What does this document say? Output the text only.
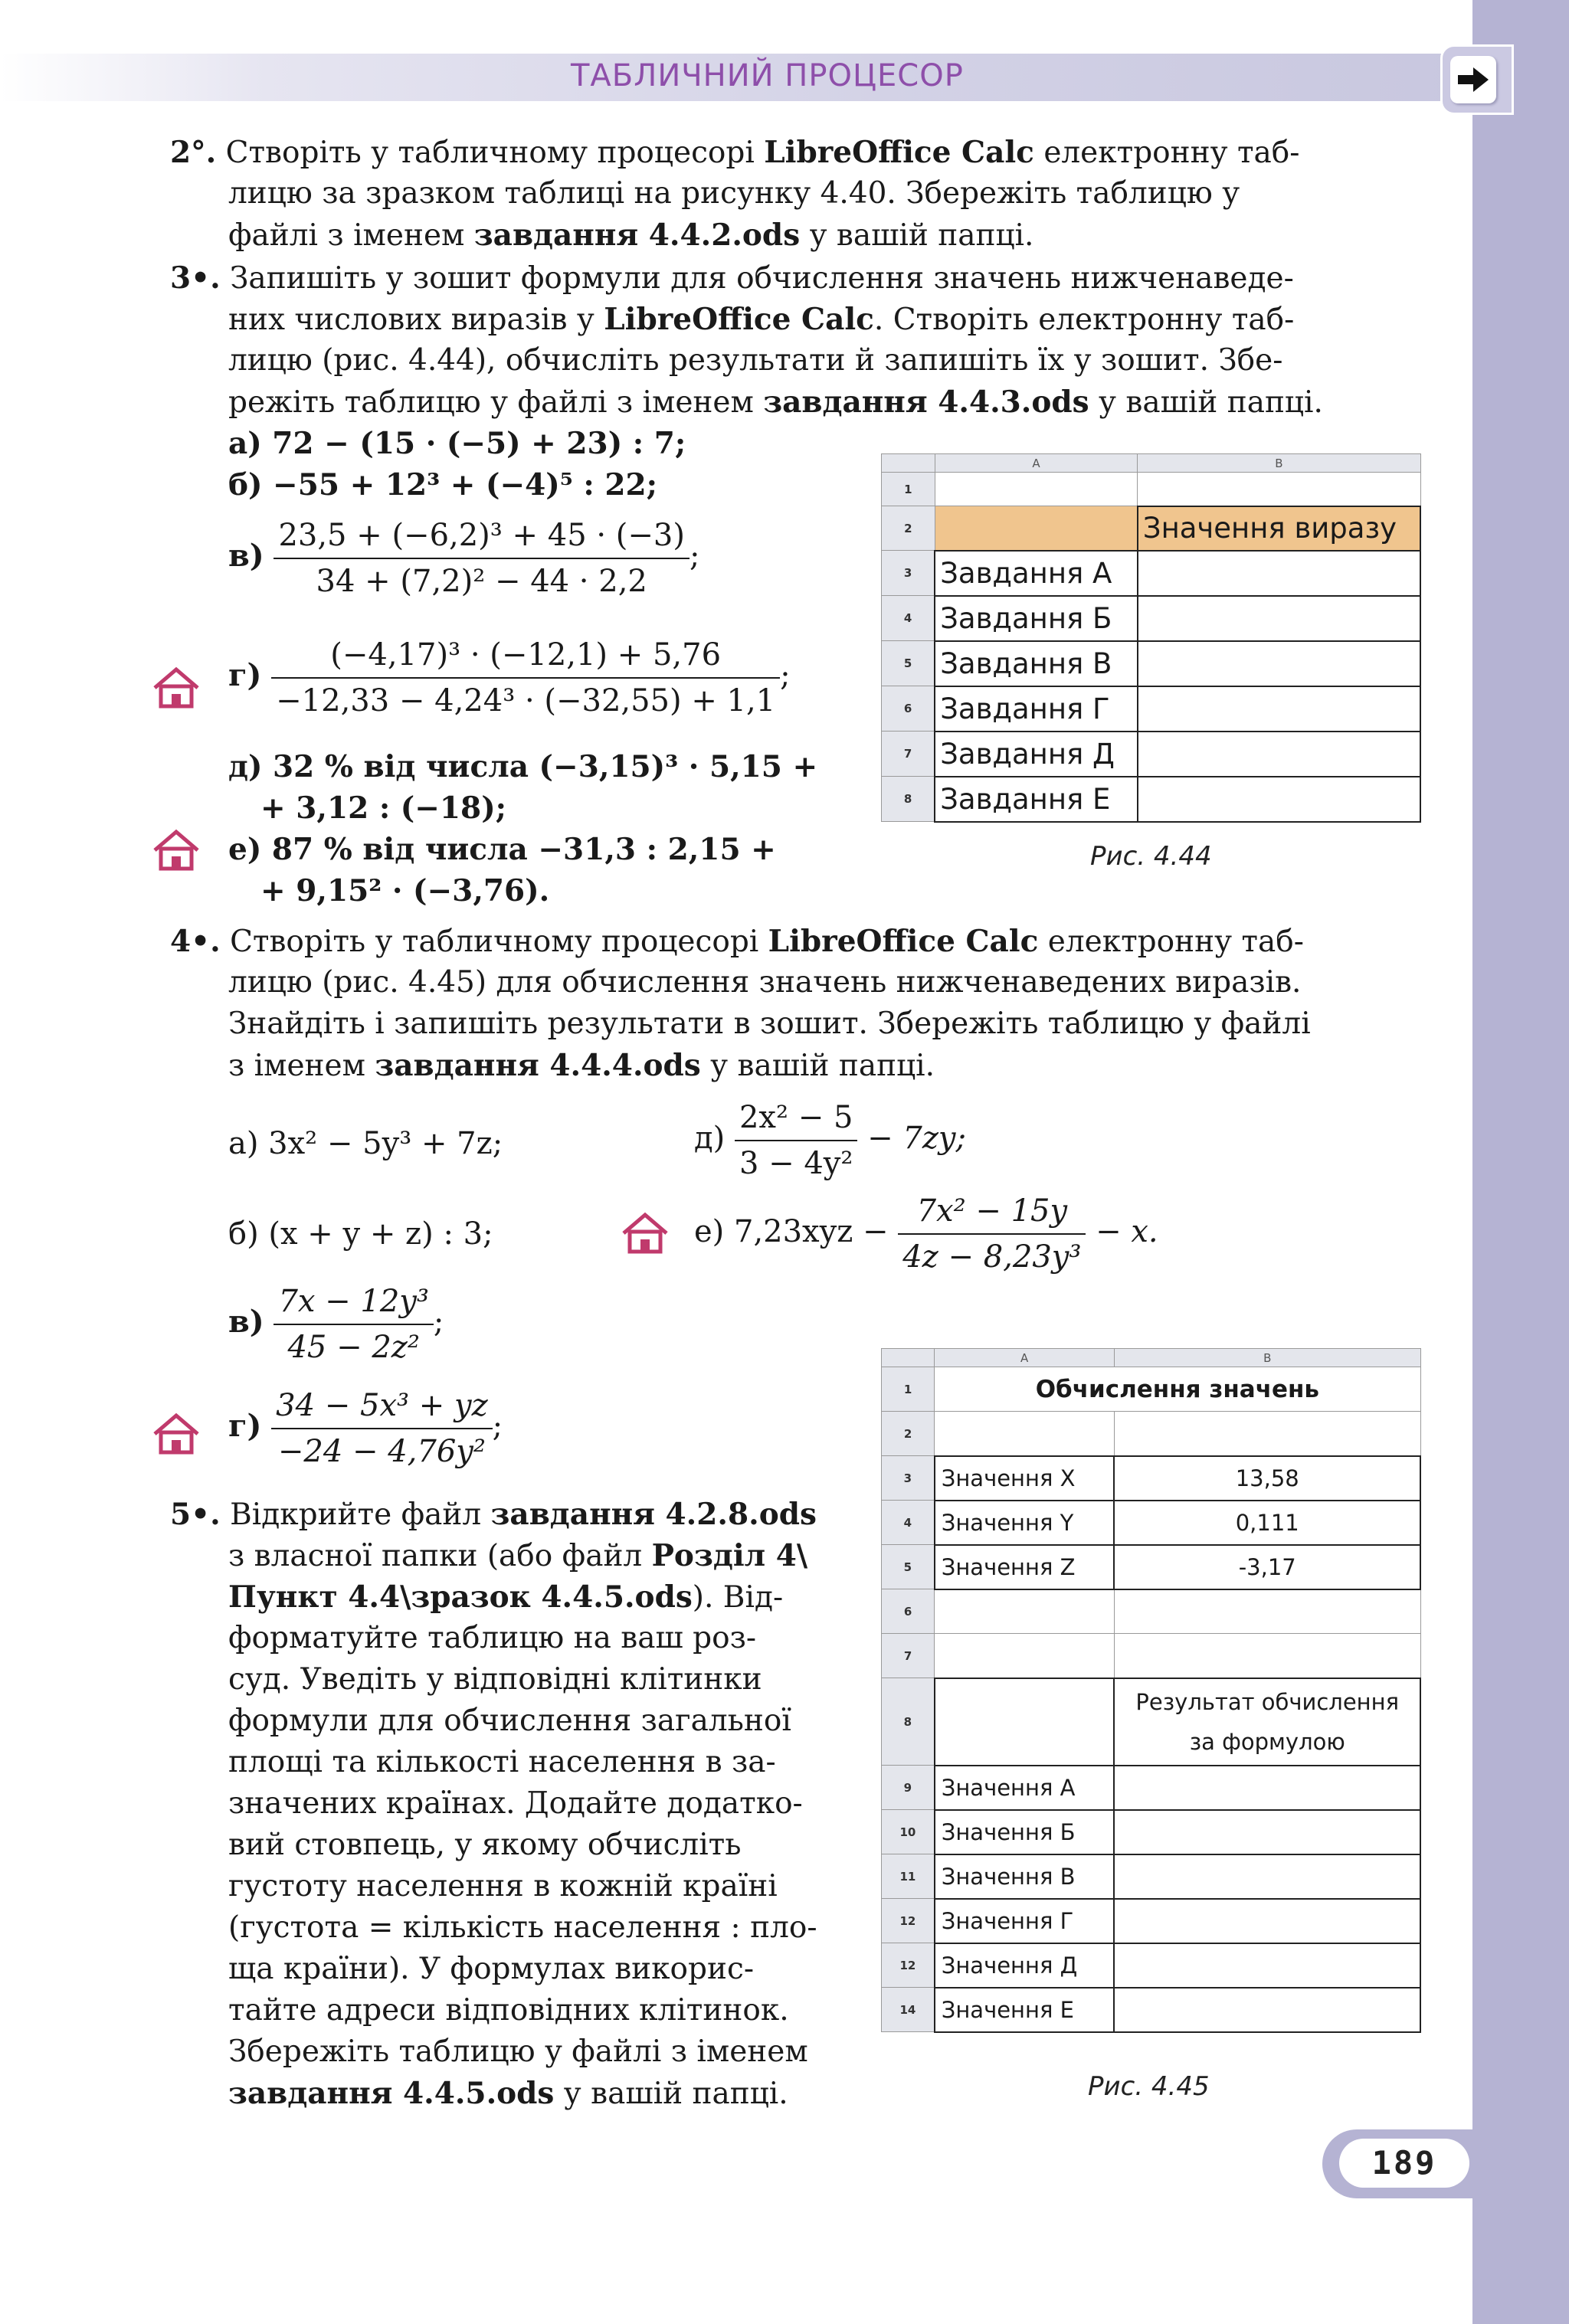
ТАБЛИЧНИЙ ПРОЦЕСОР
2°. Створіть у табличному процесорі LibreOffice Calc електронну таб-
лицю за зразком таблиці на рисунку 4.40. Збережіть таблицю у
файлі з іменем завдання 4.4.2.ods у вашій папці.
3•. Запишіть у зошит формули для обчислення значень нижченаведе-
них числових виразів у LibreOffice Calc. Створіть електронну таб-
лицю (рис. 4.44), обчисліть результати й запишіть їх у зошит. Збе-
режіть таблицю у файлі з іменем завдання 4.4.3.ods у вашій папці.
а) 72 − (15 · (−5) + 23) : 7;
б) −55 + 12³ + (−4)⁵ : 22;
$в) \frac{\text{23,5 + (−6,2)³ + 45 · (−3)}}{\text{34 + (7,2)² − 44 · 2,2}}$ ;
$г) \frac{\text{(−4,17)³ · (−12,1) + 5,76}}{\text{−12,33 − 4,24³ · (−32,55) + 1,1}}$ ;
д) 32 % від числа (−3,15)³ · 5,15 +
+ 3,12 : (−18);
е) 87 % від числа −31,3 : 2,15 +
+ 9,15² · (−3,76).
	A	B
1		
2		Значення виразу
3	Завдання А	
4	Завдання Б	
5	Завдання В	
6	Завдання Г	
7	Завдання Д	
8	Завдання Е	
Рис. 4.44
4•. Створіть у табличному процесорі LibreOffice Calc електронну таб-
лицю (рис. 4.45) для обчислення значень нижченаведених виразів.
Знайдіть і запишіть результати в зошит. Збережіть таблицю у файлі
з іменем завдання 4.4.4.ods у вашій папці.
а) 3x² − 5y³ + 7z;	$д) \frac{\text{2x² − 5}}{\text{3 − 4y²}} - 7zy$;
б) (x + y + z) : 3;	е) $7,23xyz - \frac{\text{7x² − 15y}}{\text{4z − 8,23y³}} - x$.
$в) \frac{\text{7x − 12y³}}{\text{45 − 2z²}}$ ;
$г) \frac{\text{34 − 5x³ + yz}}{\text{−24 − 4,76y²}}$ ;
5•. Відкрийте файл завдання 4.2.8.ods
з власної папки (або файл Розділ 4\
Пункт 4.4\зразок 4.4.5.ods). Від-
форматуйте таблицю на ваш роз-
суд. Уведіть у відповідні клітинки
формули для обчислення загальної
площі та кількості населення в за-
значених країнах. Додайте додатко-
вий стовпець, у якому обчисліть
густоту населення в кожній країні
(густота = кількість населення : пло-
ща країни). У формулах викорис-
тайте адреси відповідних клітинок.
Збережіть таблицю у файлі з іменем
завдання 4.4.5.ods у вашій папці.
	A	B
1	Обчислення значень	
2		
3	Значення X	13,58
4	Значення Y	0,111
5	Значення Z	-3,17
6		
7		
8		Результат обчислення
за формулою

9	Значення А	
10	Значення Б	
11	Значення В	
12	Значення Г	
12	Значення Д	
14	Значення Е	
Рис. 4.45
189
